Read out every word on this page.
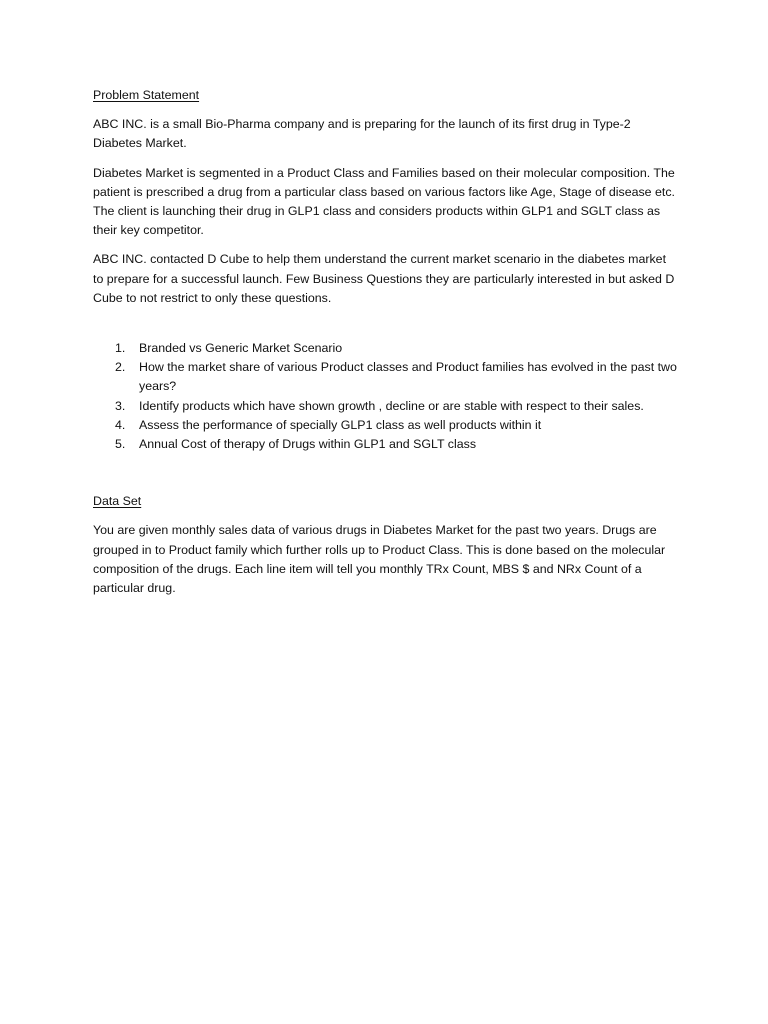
Problem Statement

ABC INC. is a small Bio-Pharma company and is preparing for the launch of its first drug in Type-2 Diabetes Market.

Diabetes Market is segmented in a Product Class and Families based on their molecular composition. The patient is prescribed a drug from a particular class based on various factors like Age, Stage of disease etc. The client is launching their drug in GLP1 class and considers products within GLP1 and SGLT class as their key competitor.

ABC INC. contacted D Cube to help them understand the current market scenario in the diabetes market to prepare for a successful launch. Few Business Questions they are particularly interested in but asked D Cube to not restrict to only these questions.

1.	Branded vs Generic Market Scenario
2.	How the market share of various Product classes and Product families has evolved in the past two years?
3.	Identify products which have shown growth , decline or are stable with respect to their sales.
4.	Assess the performance of specially GLP1 class as well products within it
5.	Annual Cost of therapy of Drugs within GLP1 and SGLT class
Data Set

You are given monthly sales data of various drugs in Diabetes Market for the past two years. Drugs are grouped in to Product family which further rolls up to Product Class. This is done based on the molecular composition of the drugs. Each line item will tell you monthly TRx Count, MBS $ and NRx Count of a particular drug.
